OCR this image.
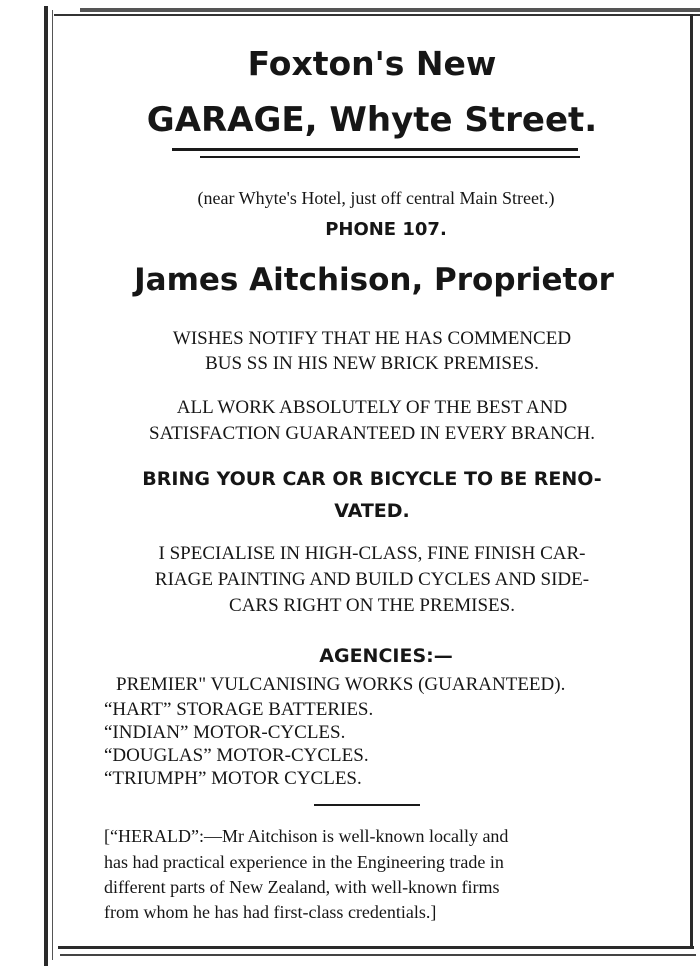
Foxton's New
GARAGE, Whyte Street.
(near Whyte's Hotel, just off central Main Street.)
PHONE 107.
James Aitchison, Proprietor
WISHES NOTIFY THAT HE HAS COMMENCED
BUS SS IN HIS NEW BRICK PREMISES.
ALL WORK ABSOLUTELY OF THE BEST AND
SATISFACTION GUARANTEED IN EVERY BRANCH.
BRING YOUR CAR OR BICYCLE TO BE RENO-
VATED.
I SPECIALISE IN HIGH-CLASS, FINE FINISH CAR-
RIAGE PAINTING AND BUILD CYCLES AND SIDE-
CARS RIGHT ON THE PREMISES.
AGENCIES:—
PREMIER" VULCANISING WORKS (GUARANTEED).
“HART” STORAGE BATTERIES.
“INDIAN” MOTOR-CYCLES.
“DOUGLAS” MOTOR-CYCLES.
“TRIUMPH” MOTOR CYCLES.
[“HERALD”:—Mr Aitchison is well-known locally and
has had practical experience in the Engineering trade in
different parts of New Zealand, with well-known firms
from whom he has had first-class credentials.]
